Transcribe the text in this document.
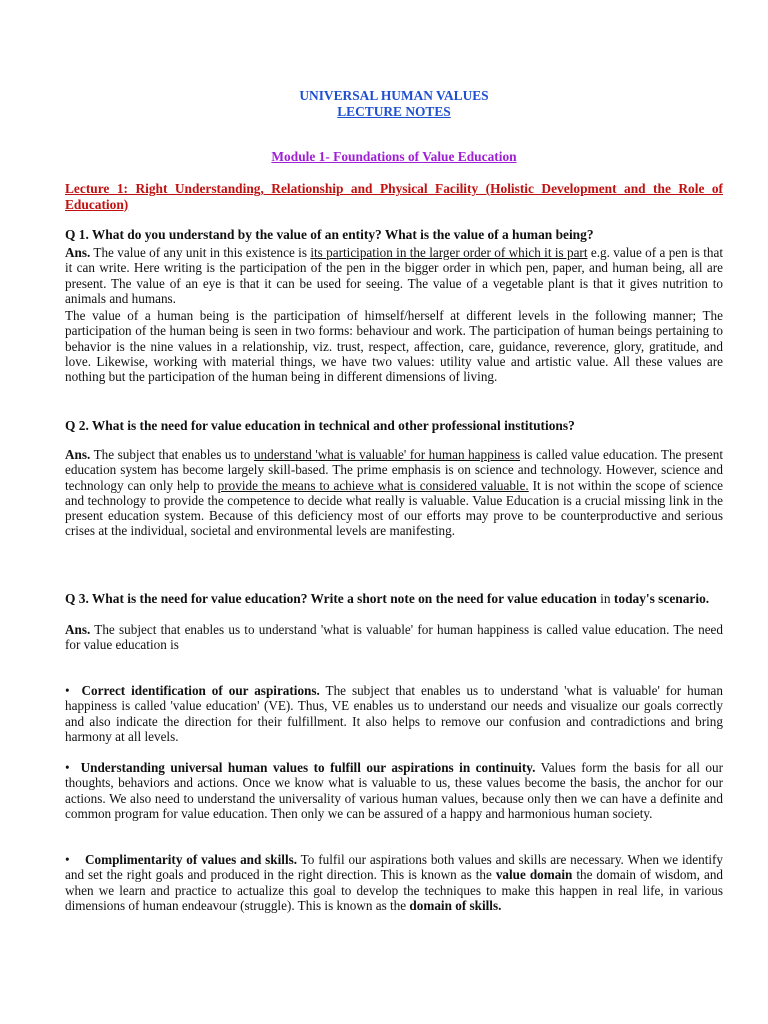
UNIVERSAL HUMAN VALUES
LECTURE NOTES
Module 1- Foundations of Value Education

Lecture 1: Right Understanding, Relationship and Physical Facility (Holistic Development and the Role of Education)

Q 1. What do you understand by the value of an entity? What is the value of a human being?

Ans. The value of any unit in this existence is its participation in the larger order of which it is part e.g. value of a pen is that it can write. Here writing is the participation of the pen in the bigger order in which pen, paper, and human being, all are present. The value of an eye is that it can be used for seeing. The value of a vegetable plant is that it gives nutrition to animals and humans.

The value of a human being is the participation of himself/herself at different levels in the following manner; The participation of the human being is seen in two forms: behaviour and work. The participation of human beings pertaining to behavior is the nine values in a relationship, viz. trust, respect, affection, care, guidance, reverence, glory, gratitude, and love. Likewise, working with material things, we have two values: utility value and artistic value. All these values are nothing but the participation of the human being in different dimensions of living.

Q 2. What is the need for value education in technical and other professional institutions?

Ans. The subject that enables us to understand 'what is valuable' for human happiness is called value education. The present education system has become largely skill-based. The prime emphasis is on science and technology. However, science and technology can only help to provide the means to achieve what is considered valuable. It is not within the scope of science and technology to provide the competence to decide what really is valuable. Value Education is a crucial missing link in the present education system. Because of this deficiency most of our efforts may prove to be counterproductive and serious crises at the individual, societal and environmental levels are manifesting.

Q 3. What is the need for value education? Write a short note on the need for value education in today's scenario.

Ans. The subject that enables us to understand 'what is valuable' for human happiness is called value education. The need for value education is

• Correct identification of our aspirations. The subject that enables us to understand 'what is valuable' for human happiness is called 'value education' (VE). Thus, VE enables us to understand our needs and visualize our goals correctly and also indicate the direction for their fulfillment. It also helps to remove our confusion and contradictions and bring harmony at all levels.

• Understanding universal human values to fulfill our aspirations in continuity. Values form the basis for all our thoughts, behaviors and actions. Once we know what is valuable to us, these values become the basis, the anchor for our actions. We also need to understand the universality of various human values, because only then we can have a definite and common program for value education. Then only we can be assured of a happy and harmonious human society.

• Complimentarity of values and skills. To fulfil our aspirations both values and skills are necessary. When we identify and set the right goals and produced in the right direction. This is known as the value domain the domain of wisdom, and when we learn and practice to actualize this goal to develop the techniques to make this happen in real life, in various dimensions of human endeavour (struggle). This is known as the domain of skills.
